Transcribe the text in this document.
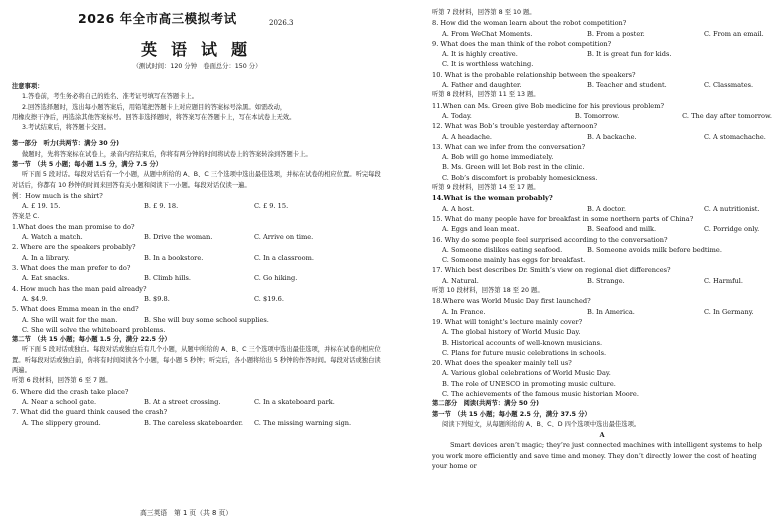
2026 年全市高三模拟考试	2026.3
英语试题
（测试时间：120 分钟　卷面总分：150 分）

注意事项：

1.答卷前，考生务必将自己的姓名、准考证号填写在答题卡上。

2.回答选择题时，选出每小题答案后，用铅笔把答题卡上对应题目的答案标号涂黑。如需改动，

用橡皮擦干净后，再选涂其他答案标号。回答非选择题时，将答案写在答题卡上，写在本试卷上无效。

3.考试结束后，将答题卡交回。

第一部分　听力(共两节：满分 30 分)

做题时，先将答案标在试卷上，录音内容结束后，你将有两分钟的时间将试卷上的答案转涂到答题卡上。

第一节　（共 5 小题；每小题 1.5 分，满分 7.5 分）

听下面 5 段对话。每段对话后有一个小题，从题中所给的 A、B、C 三个选项中选出最佳选项，并标在试卷的相应位置。听完每段对话后，你都有 10 秒钟的时间来回答有关小题和阅读下一小题。每段对话仅读一遍。

例：How much is the shirt?

A. £ 19. 15.	B. £ 9. 18.	C. £ 9. 15.

答案是 C.

1.What does the man promise to do?

A. Watch a match.	B. Drive the woman.	C. Arrive on time.

2. Where are the speakers probably?

A. In a library.	B. In a bookstore.	C. In a classroom.

3. What does the man prefer to do?

A. Eat snacks.	B. Climb hills.	C. Go hiking.

4. How much has the man paid already?

A. $4.9.	B. $9.8.	C. $19.6.

5. What does Emma mean in the end?

A. She will wait for the man.	B. She will buy some school supplies.

C. She will solve the whiteboard problems.

第二节　（共 15 小题；每小题 1.5 分，满分 22.5 分）

听下面 5 段对话或独白。每段对话或独白后有几个小题，从题中所给的 A、B、C 三个选项中选出最佳选项，并标在试卷的相应位置。听每段对话或独白前，你将有时间阅读各个小题，每小题 5 秒钟；听完后，各小题将给出 5 秒钟的作答时间。每段对话或独白读两遍。

听第 6 段材料，回答第 6 至 7 题。

6. Where did the crash take place?

A. Near a school gate.	B. At a street crossing.	C. In a skateboard park.

7. What did the guard think caused the crash?

A. The slippery ground.	B. The careless skateboarder.	C. The missing warning sign.
高三英语　第 1 页（共 8 页）

听第 7 段材料，回答第 8 至 10 题。

8. How did the woman learn about the robot competition?

A. From WeChat Moments.	B. From a poster.	C. From an email.

9. What does the man think of the robot competition?

A. It is highly creative.	B. It is great fun for kids.

C. It is worthless watching.

10. What is the probable relationship between the speakers?

A. Father and daughter.	B. Teacher and student.	C. Classmates.

听第 8 段材料，回答第 11 至 13 题。

11.When can Ms. Green give Bob medicine for his previous problem?

A. Today.	B. Tomorrow.	C. The day after tomorrow.

12. What was Bob’s trouble yesterday afternoon?

A. A headache.	B. A backache.	C. A stomachache.

13. What can we infer from the conversation?

A. Bob will go home immediately.

B. Ms. Green will let Bob rest in the clinic.

C. Bob’s discomfort is probably homesickness.

听第 9 段材料，回答第 14 至 17 题。

14.What is the woman probably?

A. A host.	B. A doctor.	C. A nutritionist.

15. What do many people have for breakfast in some northern parts of China?

A. Eggs and lean meat.	B. Seafood and milk.	C. Porridge only.

16. Why do some people feel surprised according to the conversation?

A. Someone dislikes eating seafood.	B. Someone avoids milk before bedtime.

C. Someone mainly has eggs for breakfast.

17. Which best describes Dr. Smith’s view on regional diet differences?

A. Natural.	B. Strange.	C. Harmful.

听第 10 段材料，回答第 18 至 20 题。

18.Where was World Music Day first launched?

A. In France.	B. In America.	C. In Germany.

19. What will tonight’s lecture mainly cover?

A. The global history of World Music Day.

B. Historical accounts of well-known musicians.

C. Plans for future music celebrations in schools.

20. What does the speaker mainly tell us?

A. Various global celebrations of World Music Day.

B. The role of UNESCO in promoting music culture.

C. The achievements of the famous music historian Moore.

第二部分　阅读(共两节：满分 50 分)

第一节　（共 15 小题；每小题 2.5 分，满分 37.5 分）

阅读下列短文，从每题所给的 A、B、C、D 四个选项中选出最佳选项。

A

Smart devices aren’t magic; they’re just connected machines with intelligent systems to help you work more efficiently and save time and money. They don’t directly lower the cost of heating your home or
